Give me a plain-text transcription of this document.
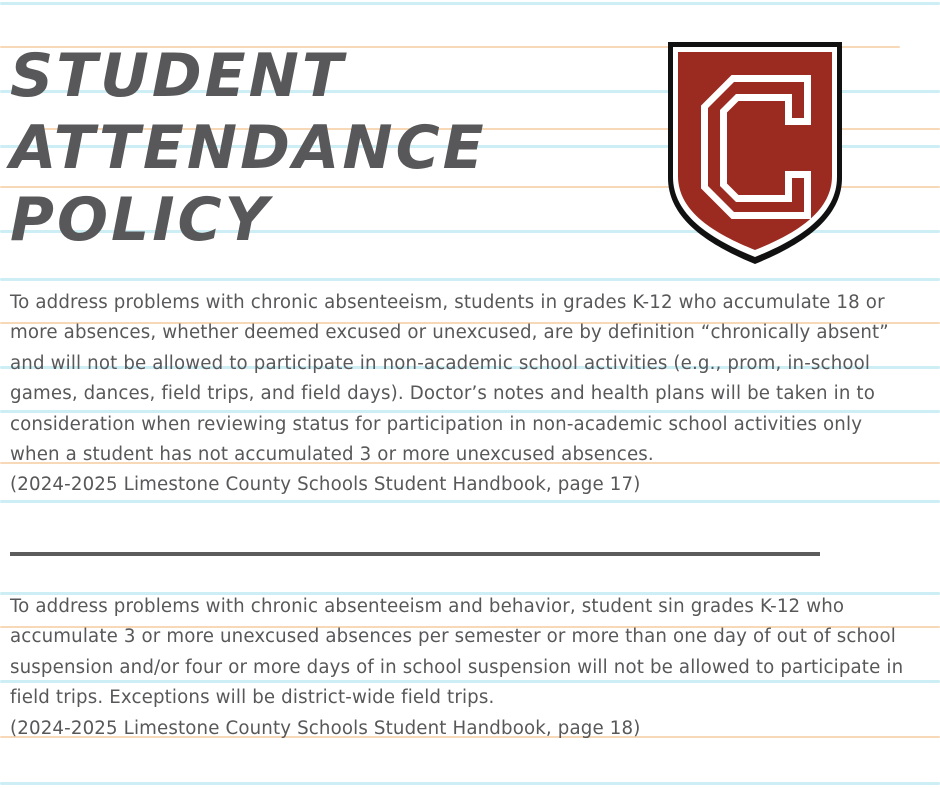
STUDENT
ATTENDANCE
POLICY

To address problems with chronic absenteeism, students in grades K-12 who accumulate 18 or more absences, whether deemed excused or unexcused, are by definition “chronically absent” and will not be allowed to participate in non-academic school activities (e.g., prom, in-school games, dances, field trips, and field days). Doctor’s notes and health plans will be taken in to consideration when reviewing status for participation in non-academic school activities only when a student has not accumulated 3 or more unexcused absences.
(2024-2025 Limestone County Schools Student Handbook, page 17)

To address problems with chronic absenteeism and behavior, student sin grades K-12 who accumulate 3 or more unexcused absences per semester or more than one day of out of school suspension and/or four or more days of in school suspension will not be allowed to participate in field trips. Exceptions will be district-wide field trips.
(2024-2025 Limestone County Schools Student Handbook, page 18)
